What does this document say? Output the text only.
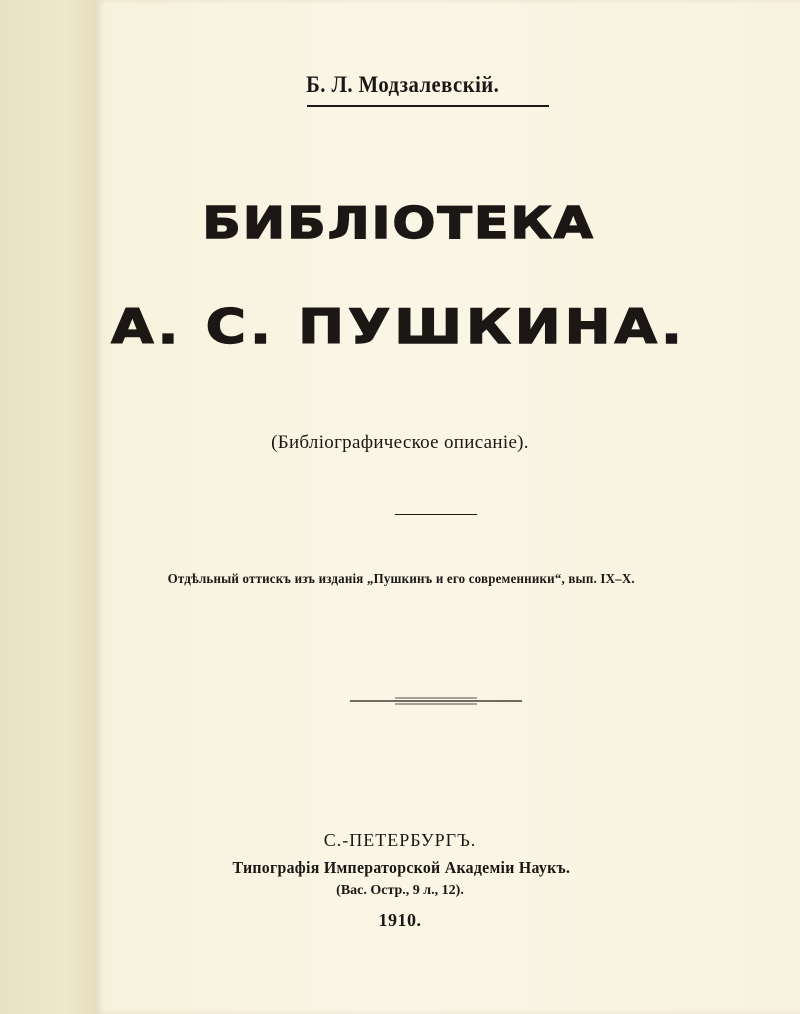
Б. Л. Модзалевскій.
БИБЛІОТЕКА
А. С. ПУШКИНА.
(Библіографическое описаніе).
Отдѣльный оттискъ изъ изданія „Пушкинъ и его современники“, вып. IX–X.
С.-ПЕТЕРБУРГЪ.
Типографія Императорской Академіи Наукъ.
(Вас. Остр., 9 л., 12).
1910.
